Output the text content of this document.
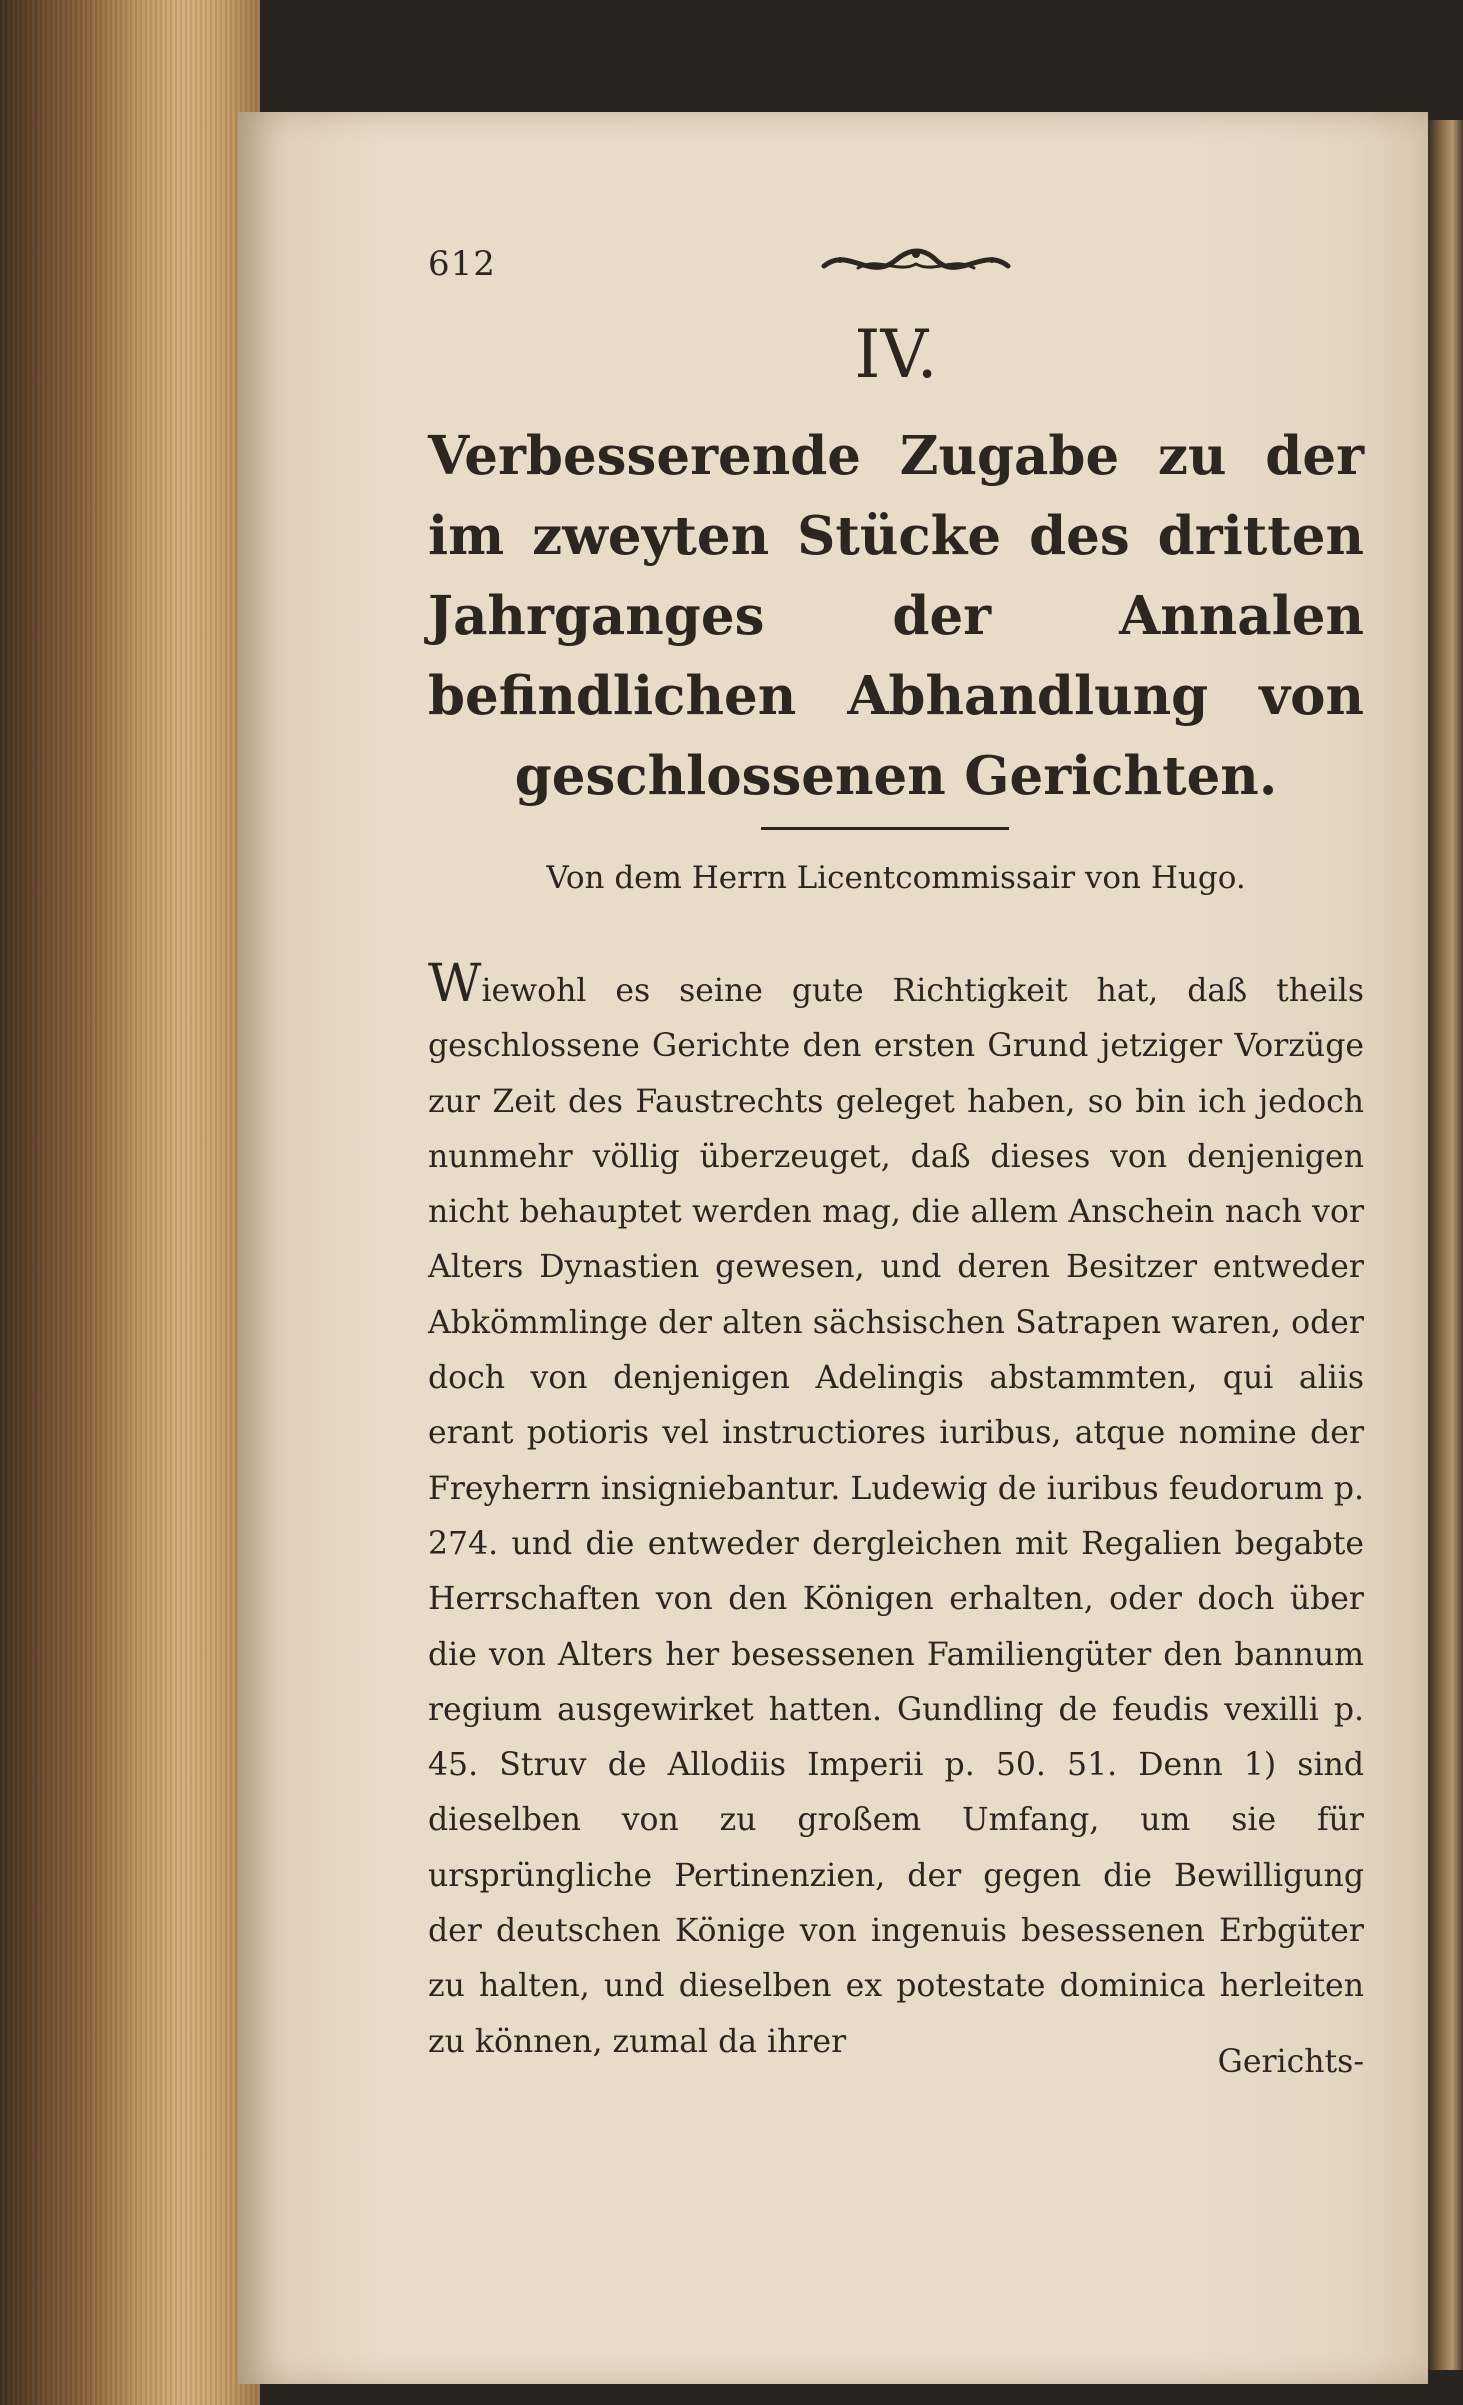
612
IV.

Verbesserende Zugabe zu der im zweyten Stücke des dritten Jahrganges der Annalen befindlichen Abhandlung von geschlossenen Gerichten.

Von dem Herrn Licentcommissair von Hugo.

Wiewohl es seine gute Richtigkeit hat, daß theils geschlossene Gerichte den ersten Grund jetziger Vorzüge zur Zeit des Faustrechts geleget haben, so bin ich jedoch nunmehr völlig überzeuget, daß dieses von denjenigen nicht behauptet werden mag, die allem Anschein nach vor Alters Dynastien gewesen, und deren Besitzer entweder Abkömmlinge der alten sächsischen Satrapen waren, oder doch von denjenigen Adelingis abstammten, qui aliis erant potioris vel instructiores iuribus, atque nomine der Freyherrn insigniebantur. Ludewig de iuribus feudorum p. 274. und die entweder dergleichen mit Regalien begabte Herrschaften von den Königen erhalten, oder doch über die von Alters her besessenen Familiengüter den bannum regium ausgewirket hatten. Gundling de feudis vexilli p. 45. Struv de Allodiis Imperii p. 50. 51. Denn 1) sind dieselben von zu großem Umfang, um sie für ursprüngliche Pertinenzien, der gegen die Bewilligung der deutschen Könige von ingenuis besessenen Erbgüter zu halten, und dieselben ex potestate dominica herleiten zu können, zumal da ihrer

Gerichts-
